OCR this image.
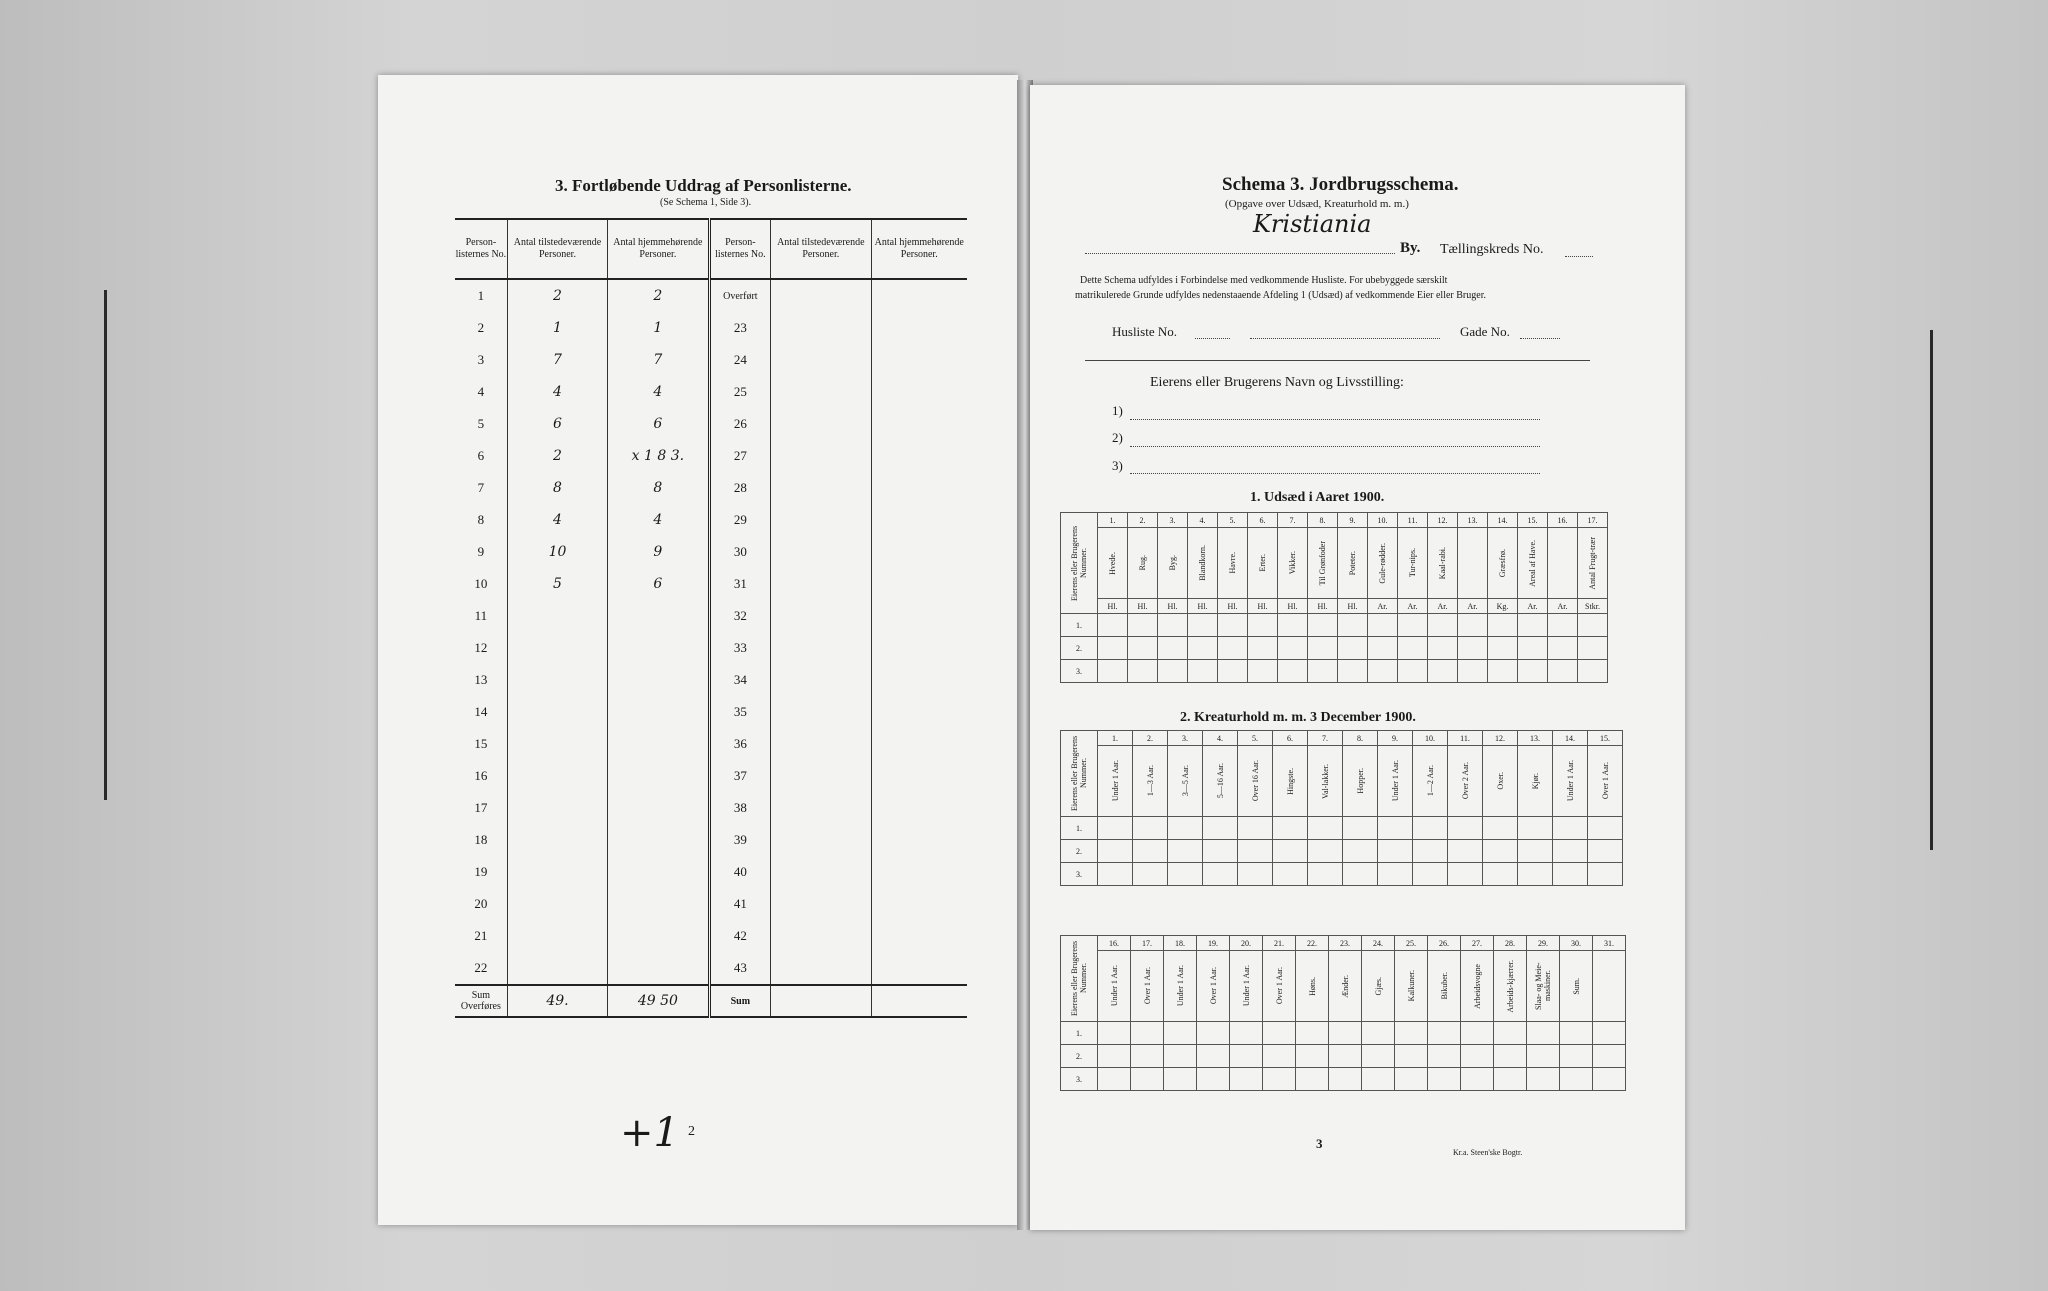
3. Fortløbende Uddrag af Personlisterne.
(Se Schema 1, Side 3).
Person-listernes No.	Antal tilstedeværende Personer.	Antal hjemmehørende Personer.	Person-listernes No.	Antal tilstedeværende Personer.	Antal hjemmehørende Personer.
1	2	2	Overført		
2	1	1	23		
3	7	7	24		
4	4	4	25		
5	6	6	26		
6	2	x 1 8 3.	27		
7	8	8	28		
8	4	4	29		
9	10	9	30		
10	5	6	31		
11			32		
12			33		
13			34		
14			35		
15			36		
16			37		
17			38		
18			39		
19			40		
20			41		
21			42		
22			43		
Sum Overføres	49.	49 50	Sum		
+1 2
Schema 3. Jordbrugsschema.
(Opgave over Udsæd, Kreaturhold m. m.)
Kristiania
By. Tællingskreds No.
Dette Schema udfyldes i Forbindelse med vedkommende Husliste. For ubebyggede særskilt
matrikulerede Grunde udfyldes nedenstaaende Afdeling 1 (Udsæd) af vedkommende Eier eller Bruger.
Husliste No.	Gade No.
Eierens eller Brugerens Navn og Livsstilling:
1)
2)
3)
1. Udsæd i Aaret 1900.
Eierens eller Brugerens Nummer.	1.	2.	3.	4.	5.	6.	7.	8.	9.	10.	11.	12.	13.	14.	15.	16.	17.

	Hvede.	Rug.	Byg.	Blandkorn.	Havre.	Erter.	Vikker.	Til Grønfoder	Poteter.	Gule-rødder.	Tur-nips.	Kaal-rabi.		Græsfrø.	Areal af Have.		Antal Frugt-trær

	Hl.	Hl.	Hl.	Hl.	Hl.	Hl.	Hl.	Hl.	Hl.	Ar.	Ar.	Ar.	Ar.	Kg.	Ar.	Ar.	Stkr.
1.																	
2.																	
3.																	
2. Kreaturhold m. m. 3 December 1900.
Eierens eller Brugerens Nummer.	1.	2.	3.	4.	5.	6.	7.	8.	9.	10.	11.	12.	13.	14.	15.

	Under 1 Aar.	1—3 Aar.	3—5 Aar.	5—16 Aar.	Over 16 Aar.	Hingste.	Val-lakker.	Hopper.	Under 1 Aar.	1—2 Aar.	Over 2 Aar.	Oxer.	Kjør.	Under 1 Aar.	Over 1 Aar.

1.															
2.															
3.															
Eierens eller Brugerens Nummer.	16.	17.	18.	19.	20.	21.	22.	23.	24.	25.	26.	27.	28.	29.	30.	31.

	Under 1 Aar.	Over 1 Aar.	Under 1 Aar.	Over 1 Aar.	Under 1 Aar.	Over 1 Aar.	Høns.	Ænder.	Gjæs.	Kalkuner.	Bikuber.	Arbeidsvogne	Arbeids-kjærrer.	Slaa- og Meie-maskiner.	Sum.	

1.																
2.																
3.																
3
Kr.a. Steen'ske Bogtr.
